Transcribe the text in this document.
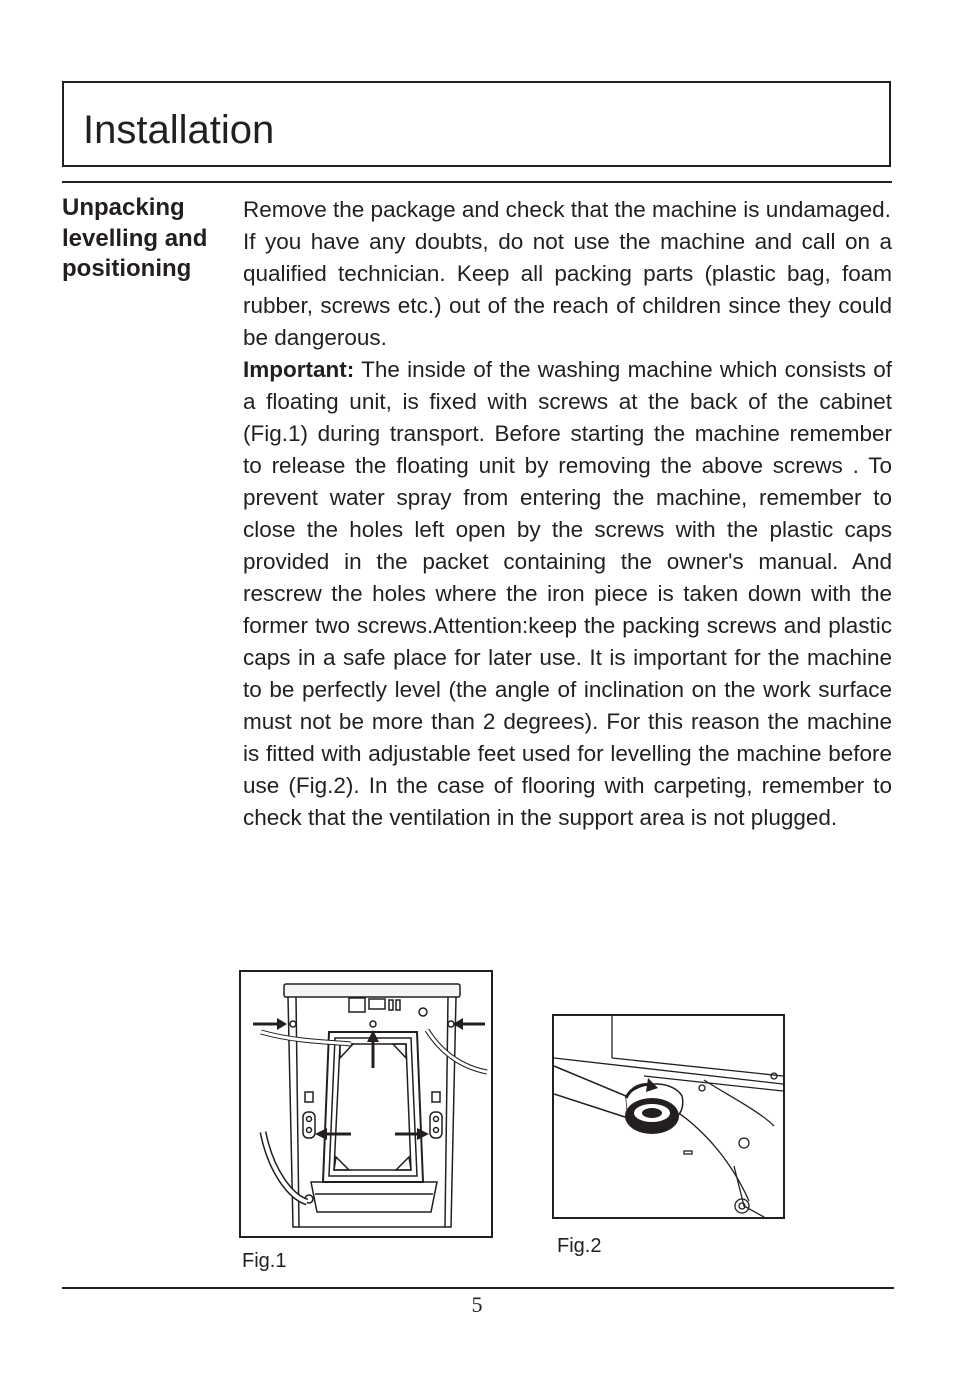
Installation
Unpacking levelling and positioning

Remove the package and check that the machine is undamaged.

If you have any doubts, do not use the machine and call on a qualified technician. Keep all packing parts (plastic bag, foam rubber, screws etc.) out of the reach of children since they could be dangerous.

Important: The inside of the washing machine which consists of a floating unit, is fixed with screws at the back of the cabinet (Fig.1) during transport. Before starting the machine remember to release the floating unit by removing the above screws . To prevent water spray from entering the machine, remember to close the holes left open by the screws with the plastic caps provided in the packet containing the owner's manual. And rescrew the holes where the iron piece is taken down with the former two screws.Attention:keep the packing screws and plastic caps in a safe place for later use. It is important for the machine to be perfectly level (the angle of inclination on the work surface must not be more than 2 degrees). For this reason the machine is fitted with adjustable feet used for levelling the machine before use (Fig.2). In the case of flooring with carpeting, remember to check that the ventilation in the support area is not plugged.

Fig.1
Fig.2
5
